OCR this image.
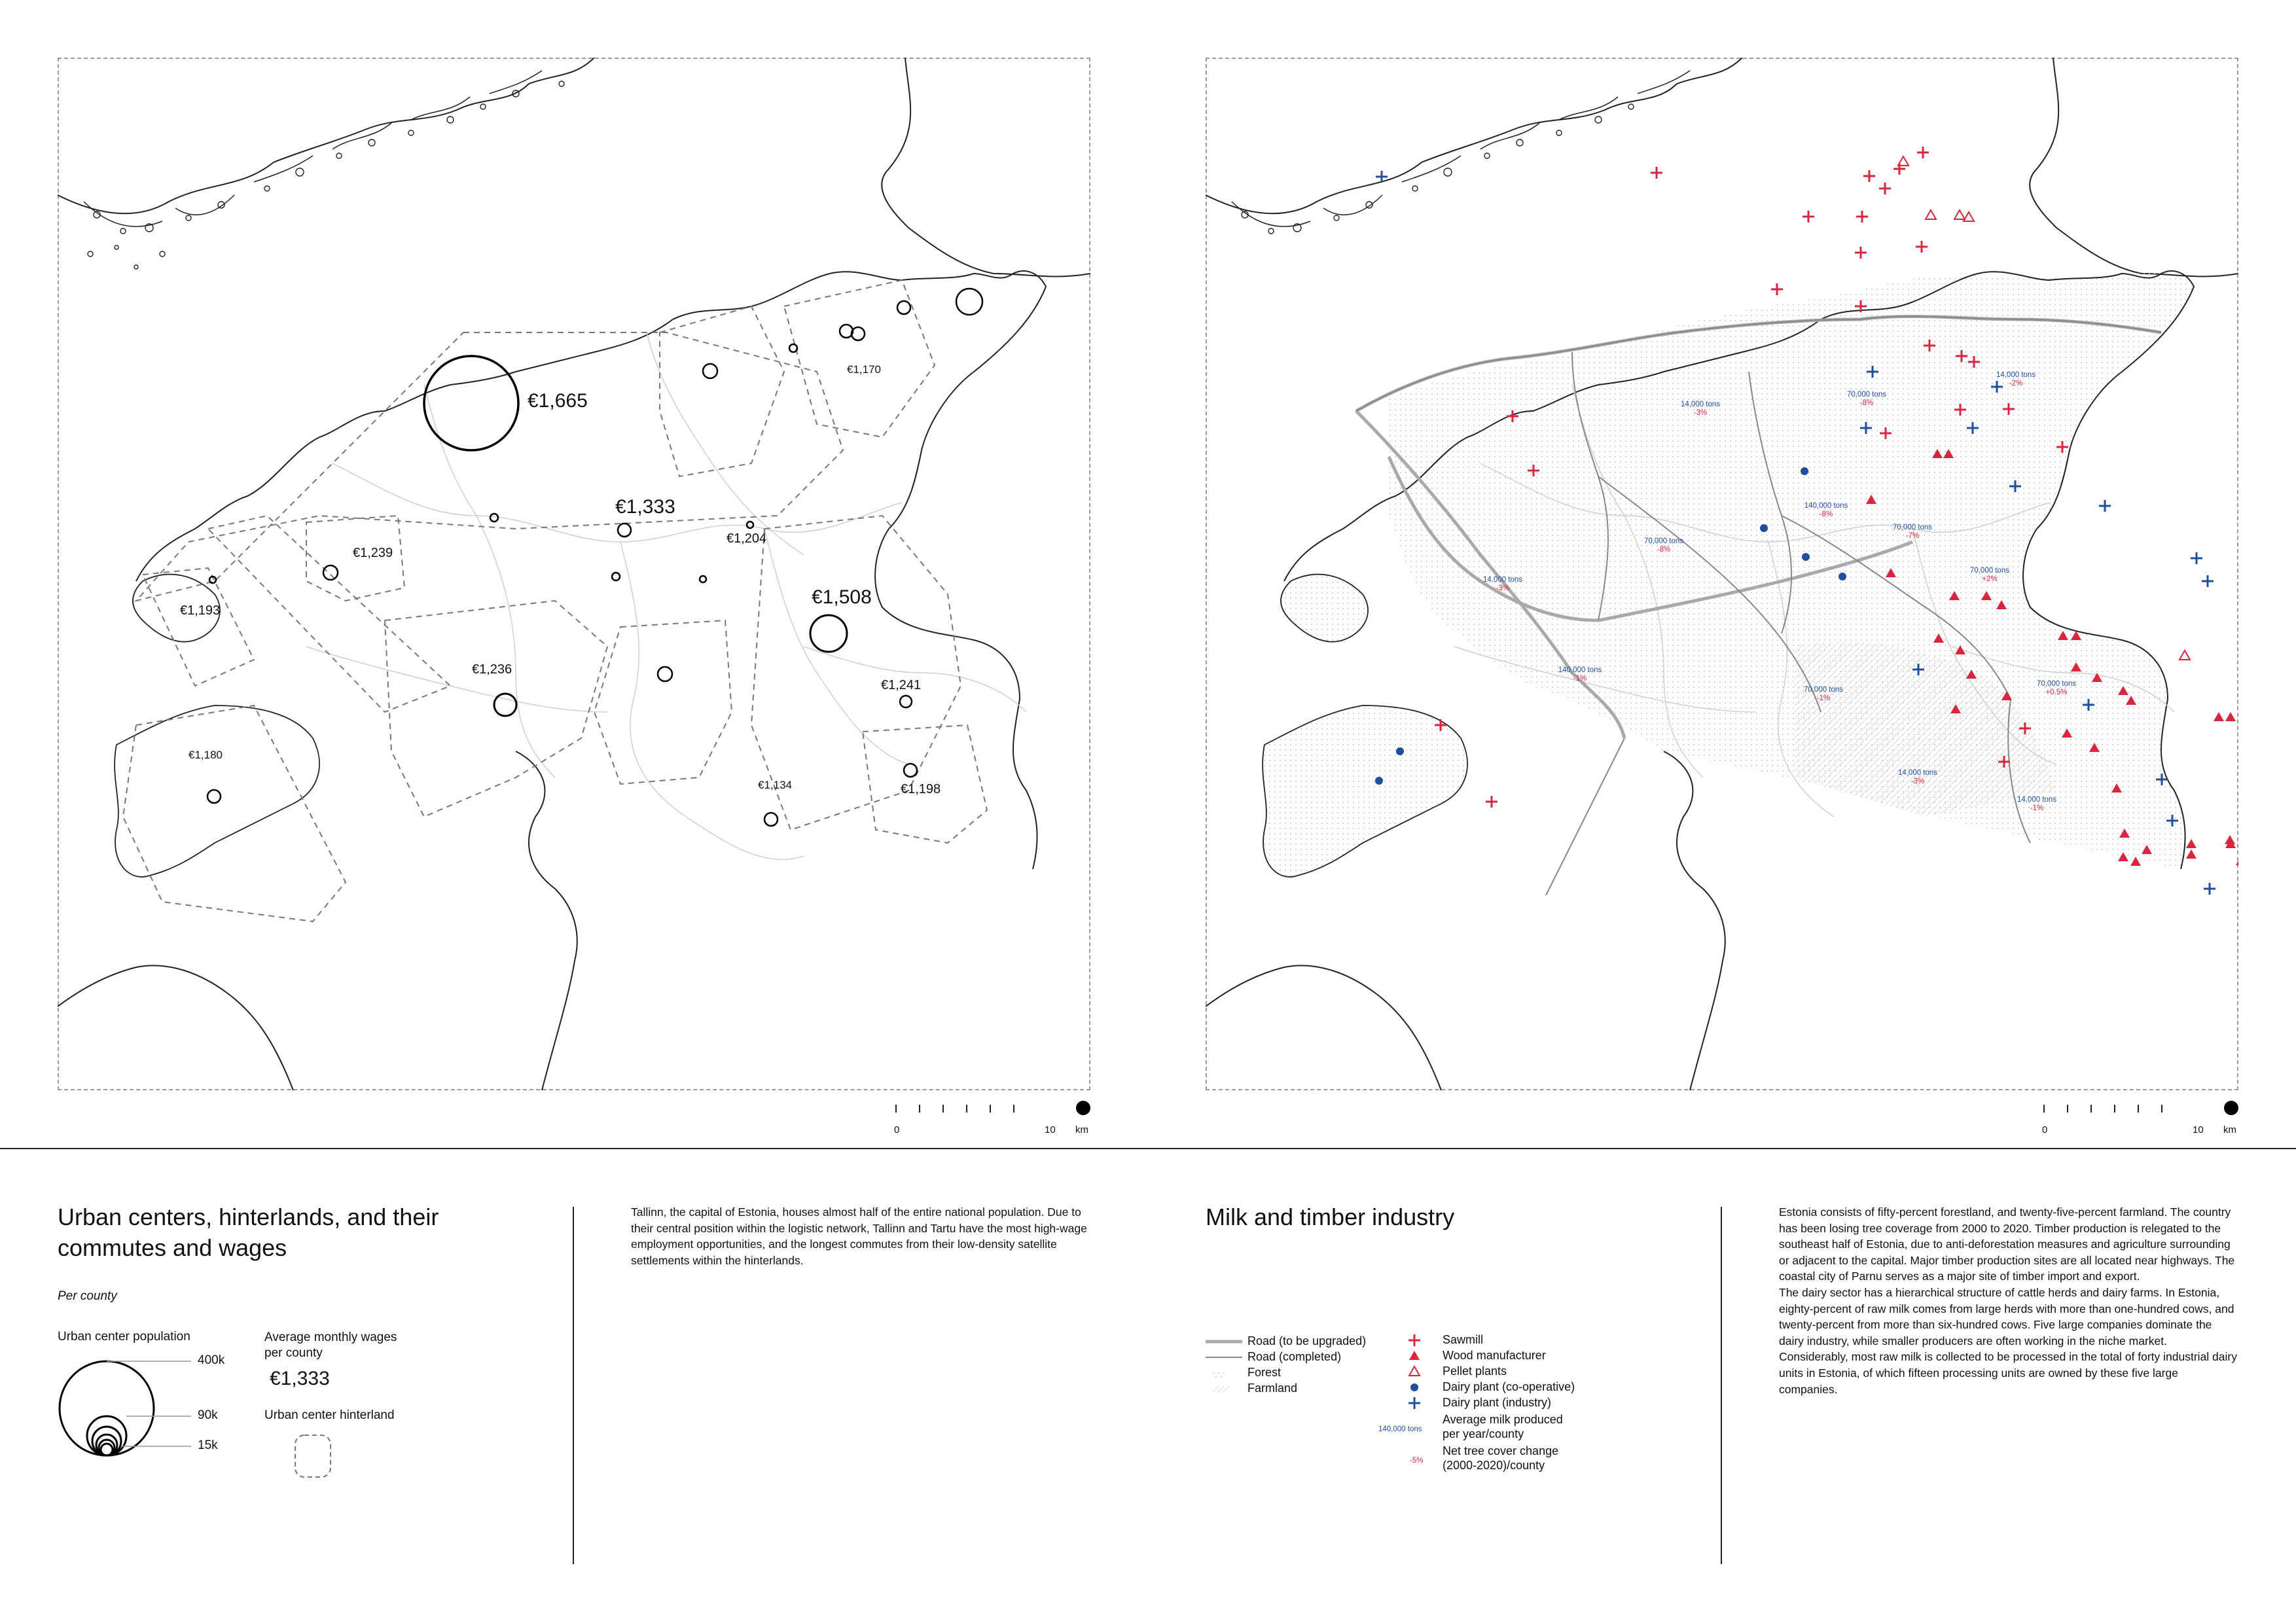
€1,665
€1,333
€1,508
€1,170
€1,239
€1,193
€1,204
€1,236
€1,241
€1,180
€1,134	€1,198
0	10 km
14,000 tons
-3%
70,000 tons
-8%
14,000 tons
-2%
140,000 tons
-8%
70,000 tons
-8%
70,000 tons
-7%
14,000 tons
-3%
70,000 tons
+2%
140,000 tons
-1%
70,000 tons
+0.5%
70,000 tons
-1%
14,000 tons
-3%
14,000 tons
-1%
0	10 km
Urban centers, hinterlands, and their
commutes and wages
Per county
Urban center population
400k
90k
15k
Average monthly wages
per county
€1,333
Urban center hinterland
Tallinn, the capital of Estonia, houses almost half of the entire national population. Due to their central position within the logistic network, Tallinn and Tartu have the most high-wage employment opportunities, and the longest commutes from their low-density satellite settlements within the hinterlands.
Milk and timber industry
Road (to be upgraded)
Road (completed)
Forest
Farmland
Sawmill
Wood manufacturer
Pellet plants
Dairy plant (co-operative)
Dairy plant (industry)
140,000 tons
Average milk produced
per year/county
-5%
Net tree cover change
(2000-2020)/county
Estonia consists of fifty-percent forestland, and twenty-five-percent farmland. The country has been losing tree coverage from 2000 to 2020. Timber production is relegated to the southeast half of Estonia, due to anti-deforestation measures and agriculture surrounding or adjacent to the capital. Major timber production sites are all located near highways. The coastal city of Parnu serves as a major site of timber import and export.
The dairy sector has a hierarchical structure of cattle herds and dairy farms. In Estonia, eighty-percent of raw milk comes from large herds with more than one-hundred cows, and twenty-percent from more than six-hundred cows. Five large companies dominate the dairy industry, while smaller producers are often working in the niche market. Considerably, most raw milk is collected to be processed in the total of forty industrial dairy units in Estonia, of which fifteen processing units are owned by these five large companies.
